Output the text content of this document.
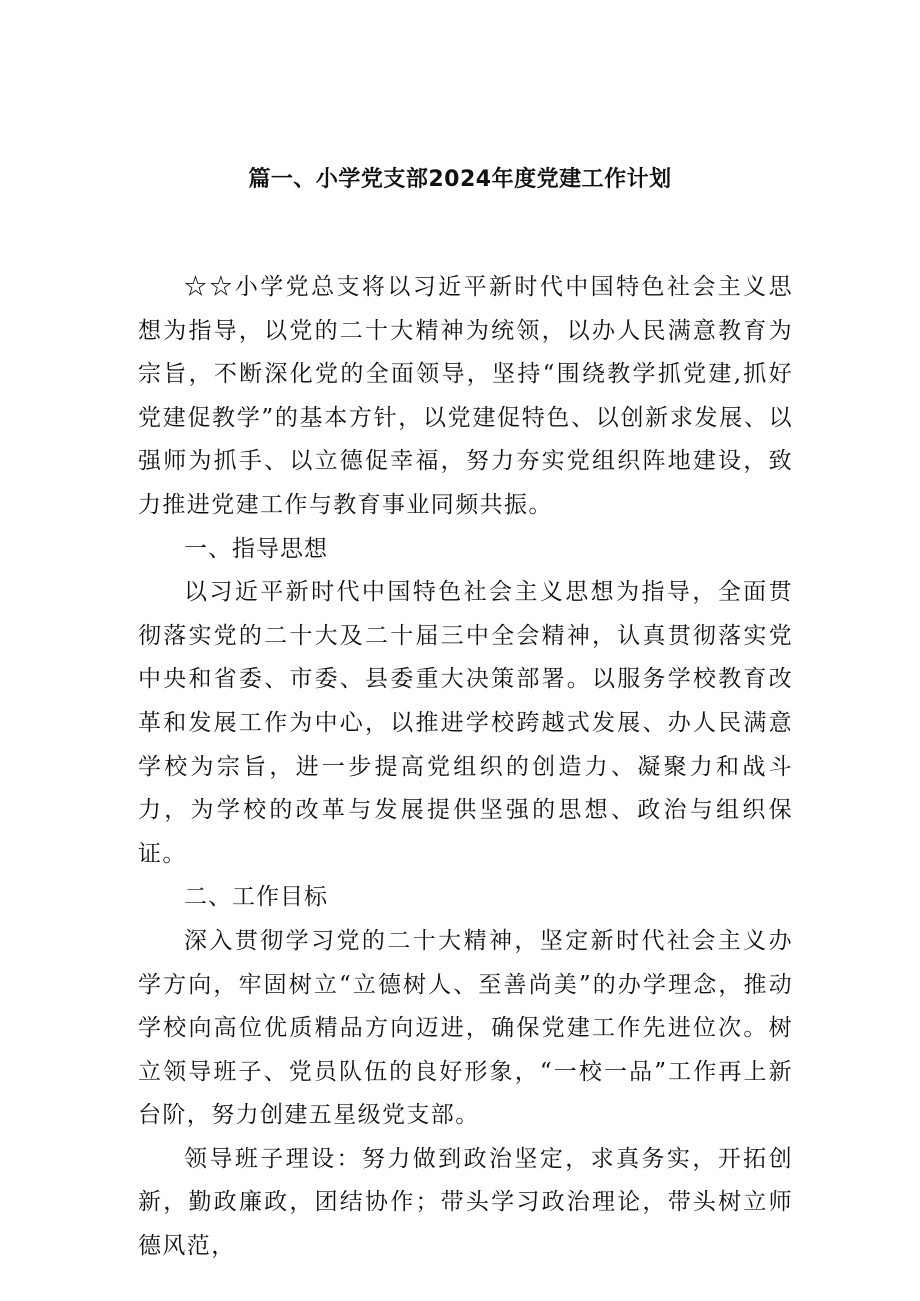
篇一、小学党支部2024年度党建工作计划

☆☆小学党总支将以习近平新时代中国特色社会主义思想为指导，以党的二十大精神为统领，以办人民满意教育为宗旨，不断深化党的全面领导，坚持“围绕教学抓党建,抓好党建促教学”的基本方针，以党建促特色、以创新求发展、以强师为抓手、以立德促幸福，努力夯实党组织阵地建设，致力推进党建工作与教育事业同频共振。

一、指导思想

以习近平新时代中国特色社会主义思想为指导，全面贯彻落实党的二十大及二十届三中全会精神，认真贯彻落实党中央和省委、市委、县委重大决策部署。以服务学校教育改革和发展工作为中心，以推进学校跨越式发展、办人民满意学校为宗旨，进一步提高党组织的创造力、凝聚力和战斗力，为学校的改革与发展提供坚强的思想、政治与组织保证。

二、工作目标

深入贯彻学习党的二十大精神，坚定新时代社会主义办学方向，牢固树立“立德树人、至善尚美”的办学理念，推动学校向高位优质精品方向迈进，确保党建工作先进位次。树立领导班子、党员队伍的良好形象，“一校一品”工作再上新台阶，努力创建五星级党支部。

领导班子理设：努力做到政治坚定，求真务实，开拓创新，勤政廉政，团结协作；带头学习政治理论，带头树立师德风范，
